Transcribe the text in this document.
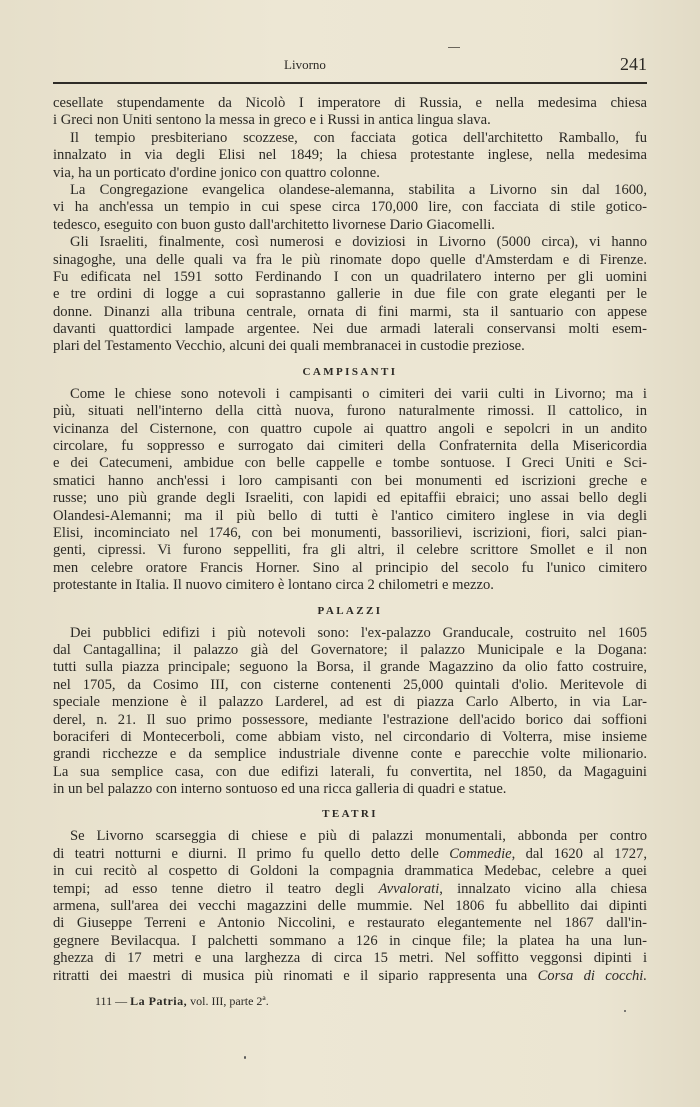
Livorno	241
cesellate stupendamente da Nicolò I imperatore di Russia, e nella medesima chiesa
i Greci non Uniti sentono la messa in greco e i Russi in antica lingua slava.
Il tempio presbiteriano scozzese, con facciata gotica dell'architetto Ramballo, fu
innalzato in via degli Elisi nel 1849; la chiesa protestante inglese, nella medesima
via, ha un porticato d'ordine jonico con quattro colonne.
La Congregazione evangelica olandese-alemanna, stabilita a Livorno sin dal 1600,
vi ha anch'essa un tempio in cui spese circa 170,000 lire, con facciata di stile gotico-
tedesco, eseguito con buon gusto dall'architetto livornese Dario Giacomelli.
Gli Israeliti, finalmente, così numerosi e doviziosi in Livorno (5000 circa), vi hanno
sinagoghe, una delle quali va fra le più rinomate dopo quelle d'Amsterdam e di Firenze.
Fu edificata nel 1591 sotto Ferdinando I con un quadrilatero interno per gli uomini
e tre ordini di logge a cui soprastanno gallerie in due file con grate eleganti per le
donne. Dinanzi alla tribuna centrale, ornata di fini marmi, sta il santuario con appese
davanti quattordici lampade argentee. Nei due armadi laterali conservansi molti esem-
plari del Testamento Vecchio, alcuni dei quali membranacei in custodie preziose.
CAMPISANTI
Come le chiese sono notevoli i campisanti o cimiteri dei varii culti in Livorno; ma i
più, situati nell'interno della città nuova, furono naturalmente rimossi. Il cattolico, in
vicinanza del Cisternone, con quattro cupole ai quattro angoli e sepolcri in un andito
circolare, fu soppresso e surrogato dai cimiteri della Confraternita della Misericordia
e dei Catecumeni, ambidue con belle cappelle e tombe sontuose. I Greci Uniti e Sci-
smatici hanno anch'essi i loro campisanti con bei monumenti ed iscrizioni greche e
russe; uno più grande degli Israeliti, con lapidi ed epitaffii ebraici; uno assai bello degli
Olandesi-Alemanni; ma il più bello di tutti è l'antico cimitero inglese in via degli
Elisi, incominciato nel 1746, con bei monumenti, bassorilievi, iscrizioni, fiori, salci pian-
genti, cipressi. Vi furono seppelliti, fra gli altri, il celebre scrittore Smollet e il non
men celebre oratore Francis Horner. Sino al principio del secolo fu l'unico cimitero
protestante in Italia. Il nuovo cimitero è lontano circa 2 chilometri e mezzo.
PALAZZI
Dei pubblici edifizi i più notevoli sono: l'ex-palazzo Granducale, costruito nel 1605
dal Cantagallina; il palazzo già del Governatore; il palazzo Municipale e la Dogana:
tutti sulla piazza principale; seguono la Borsa, il grande Magazzino da olio fatto costruire,
nel 1705, da Cosimo III, con cisterne contenenti 25,000 quintali d'olio. Meritevole di
speciale menzione è il palazzo Larderel, ad est di piazza Carlo Alberto, in via Lar-
derel, n. 21. Il suo primo possessore, mediante l'estrazione dell'acido borico dai soffioni
boraciferi di Montecerboli, come abbiam visto, nel circondario di Volterra, mise insieme
grandi ricchezze e da semplice industriale divenne conte e parecchie volte milionario.
La sua semplice casa, con due edifizi laterali, fu convertita, nel 1850, da Magaguini
in un bel palazzo con interno sontuoso ed una ricca galleria di quadri e statue.
TEATRI
Se Livorno scarseggia di chiese e più di palazzi monumentali, abbonda per contro
di teatri notturni e diurni. Il primo fu quello detto delle Commedie, dal 1620 al 1727,
in cui recitò al cospetto di Goldoni la compagnia drammatica Medebac, celebre a quei
tempi; ad esso tenne dietro il teatro degli Avvalorati, innalzato vicino alla chiesa
armena, sull'area dei vecchi magazzini delle mummie. Nel 1806 fu abbellito dai dipinti
di Giuseppe Terreni e Antonio Niccolini, e restaurato elegantemente nel 1867 dall'in-
gegnere Bevilacqua. I palchetti sommano a 126 in cinque file; la platea ha una lun-
ghezza di 17 metri e una larghezza di circa 15 metri. Nel soffitto veggonsi dipinti i
ritratti dei maestri di musica più rinomati e il sipario rappresenta una Corsa di cocchi.
111 — La Patria, vol. III, parte 2ª.
